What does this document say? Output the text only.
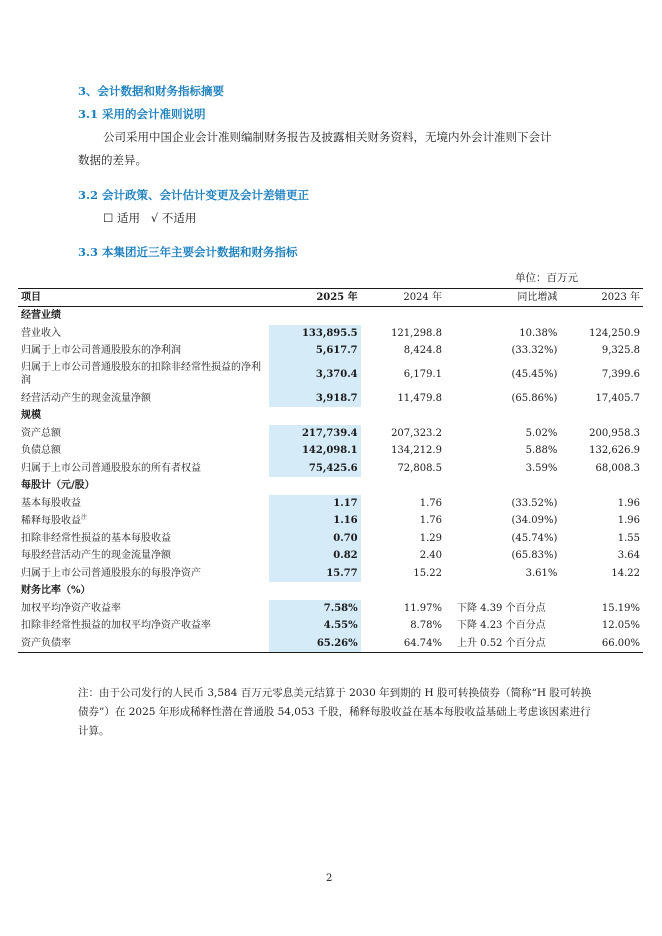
3、会计数据和财务指标摘要
3.1 采用的会计准则说明
公司采用中国企业会计准则编制财务报告及披露相关财务资料，无境内外会计准则下会计
数据的差异。
3.2 会计政策、会计估计变更及会计差错更正
☐ 适用   √ 不适用
3.3 本集团近三年主要会计数据和财务指标
单位：百万元
项目	2025 年	2024 年	同比增减	2023 年
经营业绩				
营业收入	133,895.5	121,298.8	10.38%	124,250.9
归属于上市公司普通股股东的净利润	5,617.7	8,424.8	(33.32%)	9,325.8
归属于上市公司普通股股东的扣除非经常性损益的净利润	3,370.4	6,179.1	(45.45%)	7,399.6
经营活动产生的现金流量净额	3,918.7	11,479.8	(65.86%)	17,405.7
规模				
资产总额	217,739.4	207,323.2	5.02%	200,958.3
负债总额	142,098.1	134,212.9	5.88%	132,626.9
归属于上市公司普通股股东的所有者权益	75,425.6	72,808.5	3.59%	68,008.3
每股计（元/股）				
基本每股收益	1.17	1.76	(33.52%)	1.96
稀释每股收益$^注$	1.16	1.76	(34.09%)	1.96
扣除非经常性损益的基本每股收益	0.70	1.29	(45.74%)	1.55
每股经营活动产生的现金流量净额	0.82	2.40	(65.83%)	3.64
归属于上市公司普通股股东的每股净资产	15.77	15.22	3.61%	14.22
财务比率（%）				
加权平均净资产收益率	7.58%	11.97%	下降 4.39 个百分点	15.19%
扣除非经常性损益的加权平均净资产收益率	4.55%	8.78%	下降 4.23 个百分点	12.05%
资产负债率	65.26%	64.74%	上升 0.52 个百分点	66.00%
注：由于公司发行的人民币 3,584 百万元零息美元结算于 2030 年到期的 H 股可转换债券（简称“H 股可转换债券”）在 2025 年形成稀释性潜在普通股 54,053 千股，稀释每股收益在基本每股收益基础上考虑该因素进行计算。
2
